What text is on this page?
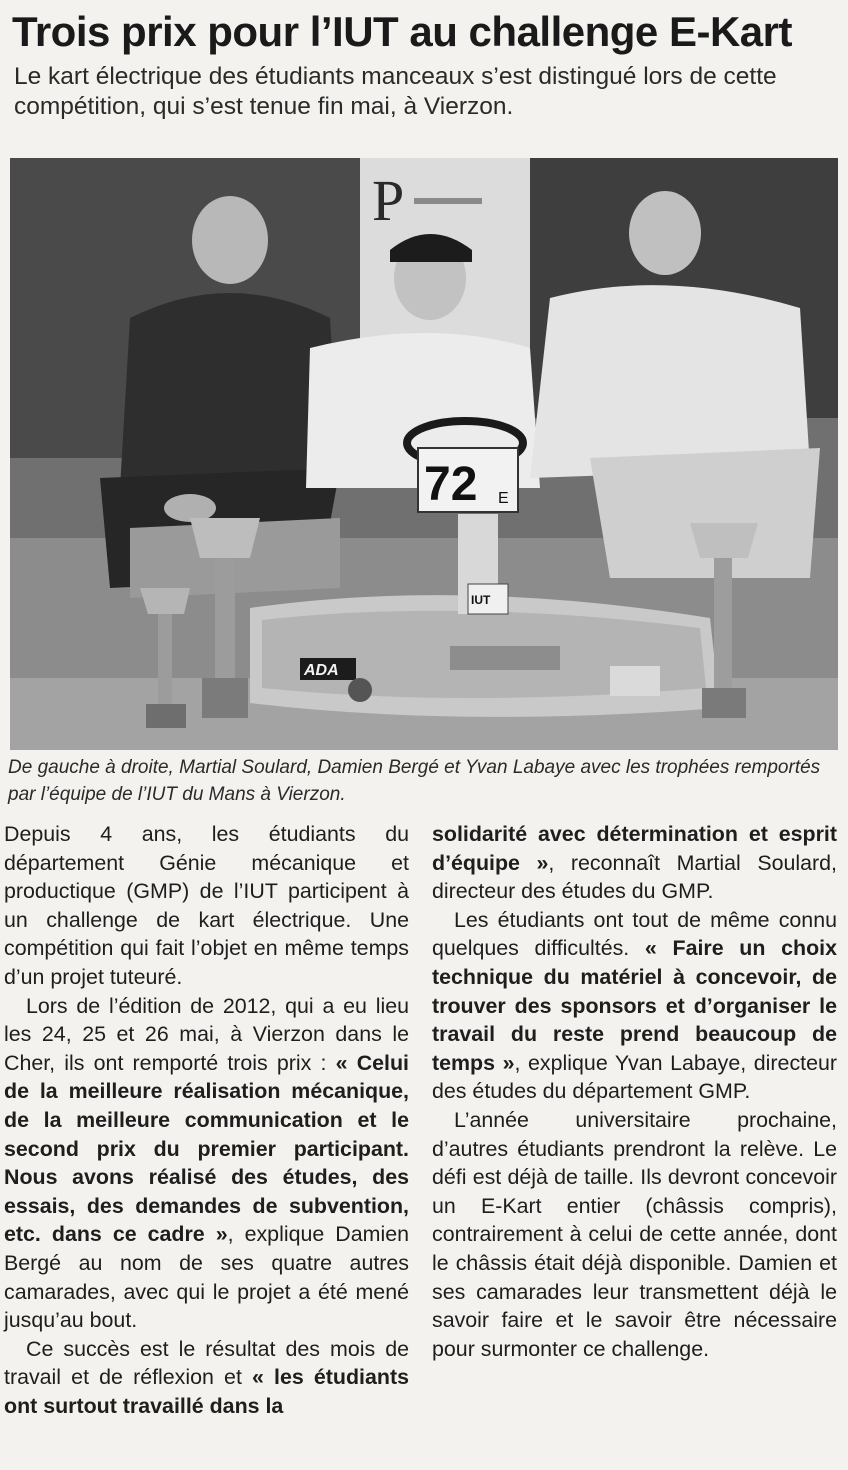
Trois prix pour l’IUT au challenge E-Kart

Le kart électrique des étudiants manceaux s’est distingué lors de cette compétition, qui s’est tenue fin mai, à Vierzon.

P
72 E
IUT
ADA

De gauche à droite, Martial Soulard, Damien Bergé et Yvan Labaye avec les trophées remportés par l’équipe de l’IUT du Mans à Vierzon.

Depuis 4 ans, les étudiants du département Génie mécanique et productique (GMP) de l’IUT participent à un challenge de kart électrique. Une compétition qui fait l’objet en même temps d’un projet tuteuré.

Lors de l’édition de 2012, qui a eu lieu les 24, 25 et 26 mai, à Vierzon dans le Cher, ils ont remporté trois prix : « Celui de la meilleure réalisation mécanique, de la meilleure communication et le second prix du premier participant. Nous avons réalisé des études, des essais, des demandes de subvention, etc. dans ce cadre », explique Damien Bergé au nom de ses quatre autres camarades, avec qui le projet a été mené jusqu’au bout.

Ce succès est le résultat des mois de travail et de réflexion et « les étudiants ont surtout travaillé dans la

solidarité avec détermination et esprit d’équipe », reconnaît Martial Soulard, directeur des études du GMP.

Les étudiants ont tout de même connu quelques difficultés. « Faire un choix technique du matériel à concevoir, de trouver des sponsors et d’organiser le travail du reste prend beaucoup de temps », explique Yvan Labaye, directeur des études du département GMP.

L’année universitaire prochaine, d’autres étudiants prendront la relève. Le défi est déjà de taille. Ils devront concevoir un E-Kart entier (châssis compris), contrairement à celui de cette année, dont le châssis était déjà disponible. Damien et ses camarades leur transmettent déjà le savoir faire et le savoir être nécessaire pour surmonter ce challenge.
